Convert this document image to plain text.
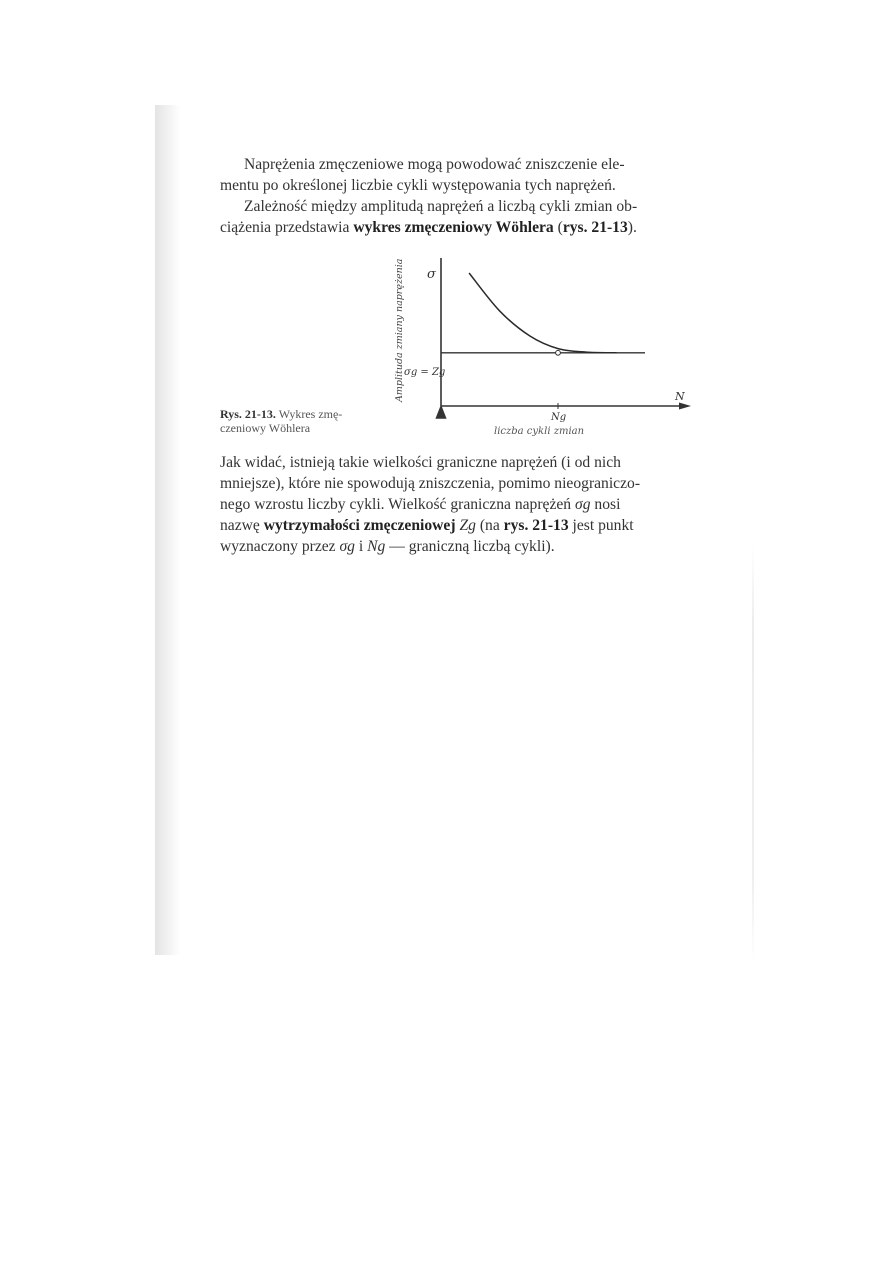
Naprężenia zmęczeniowe mogą powodować zniszczenie ele-
mentu po określonej liczbie cykli występowania tych naprężeń.
Zależność między amplitudą naprężeń a liczbą cykli zmian ob-
ciążenia przedstawia wykres zmęczeniowy Wöhlera (rys. 21-13).
σ
N
Amplituda zmiany naprężenia σg = Zg
Ng
liczba cykli zmian
Rys. 21-13. Wykres zmę-
czeniowy Wöhlera
Jak widać, istnieją takie wielkości graniczne naprężeń (i od nich
mniejsze), które nie spowodują zniszczenia, pomimo nieograniczo-
nego wzrostu liczby cykli. Wielkość graniczna naprężeń σg nosi
nazwę wytrzymałości zmęczeniowej Zg (na rys. 21-13 jest punkt
wyznaczony przez σg i Ng — graniczną liczbą cykli).
